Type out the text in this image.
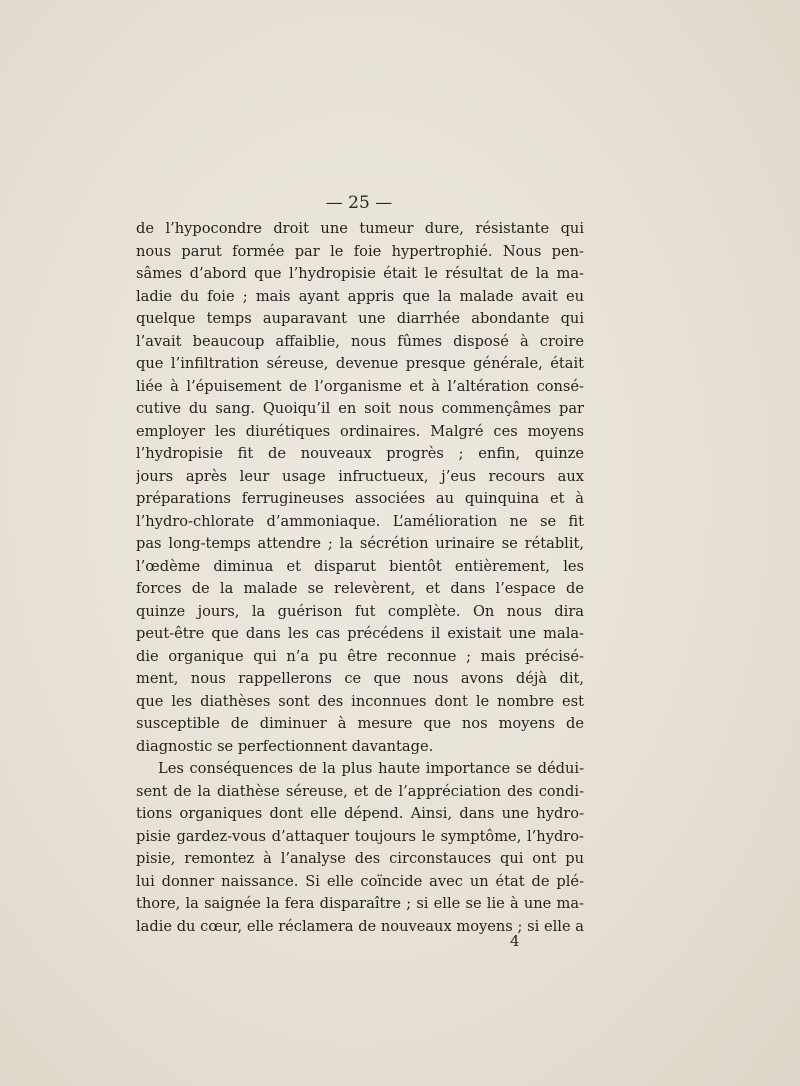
— 25 —
de l’hypocondre droit une tumeur dure, résistante qui
nous parut formée par le foie hypertrophié. Nous pen-
sâmes d’abord que l’hydropisie était le résultat de la ma-
ladie du foie ; mais ayant appris que la malade avait eu
quelque temps auparavant une diarrhée abondante qui
l’avait beaucoup affaiblie, nous fûmes disposé à croire
que l’infiltration séreuse, devenue presque générale, était
liée à l’épuisement de l’organisme et à l’altération consé-
cutive du sang. Quoiqu’il en soit nous commençâmes par
employer les diurétiques ordinaires. Malgré ces moyens
l’hydropisie fit de nouveaux progrès ; enfin, quinze
jours après leur usage infructueux, j’eus recours aux
préparations ferrugineuses associées au quinquina et à
l’hydro-chlorate d’ammoniaque. L’amélioration ne se fit
pas long-temps attendre ; la sécrétion urinaire se rétablit,
l’œdème diminua et disparut bientôt entièrement, les
forces de la malade se relevèrent, et dans l’espace de
quinze jours, la guérison fut complète. On nous dira
peut-être que dans les cas précédens il existait une mala-
die organique qui n’a pu être reconnue ; mais précisé-
ment, nous rappellerons ce que nous avons déjà dit,
que les diathèses sont des inconnues dont le nombre est
susceptible de diminuer à mesure que nos moyens de
diagnostic se perfectionnent davantage.
Les conséquences de la plus haute importance se dédui-
sent de la diathèse séreuse, et de l’appréciation des condi-
tions organiques dont elle dépend. Ainsi, dans une hydro-
pisie gardez-vous d’attaquer toujours le symptôme, l’hydro-
pisie, remontez à l’analyse des circonstauces qui ont pu
lui donner naissance. Si elle coïncide avec un état de plé-
thore, la saignée la fera disparaître ; si elle se lie à une ma-
ladie du cœur, elle réclamera de nouveaux moyens ; si elle a
4
